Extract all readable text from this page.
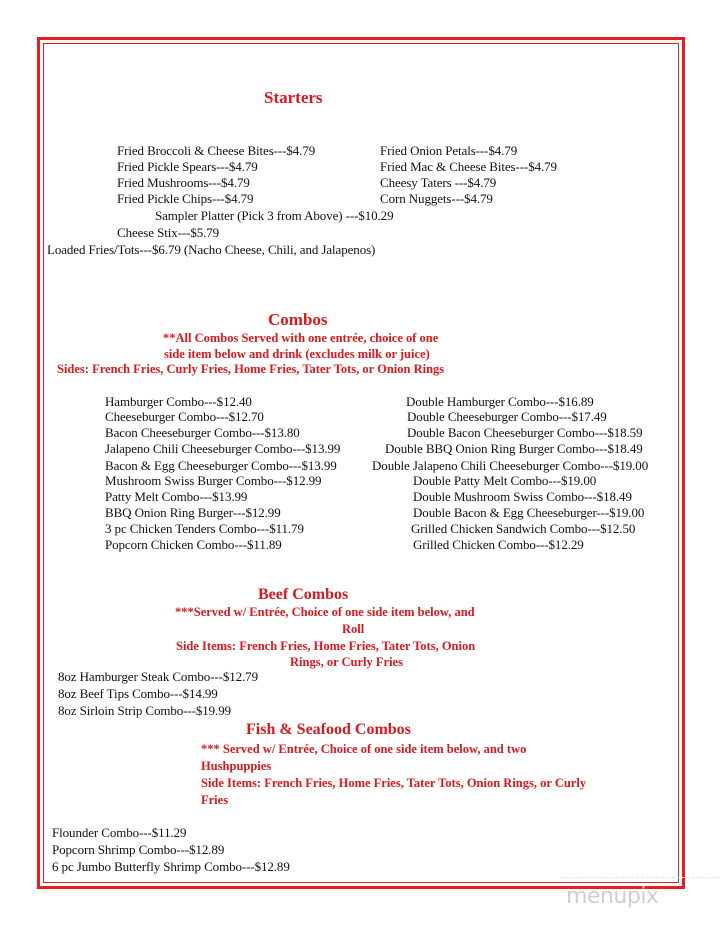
Starters
Fried Broccoli & Cheese Bites---$4.79
Fried Pickle Spears---$4.79
Fried Mushrooms---$4.79
Fried Pickle Chips---$4.79
Fried Onion Petals---$4.79
Fried Mac & Cheese Bites---$4.79
Cheesy Taters ---$4.79
Corn Nuggets---$4.79
Sampler Platter (Pick 3 from Above) ---$10.29
Cheese Stix---$5.79
Loaded Fries/Tots---$6.79 (Nacho Cheese, Chili, and Jalapenos)
Combos
**All Combos Served with one entrée, choice of one
side item below and drink (excludes milk or juice)
Sides: French Fries, Curly Fries, Home Fries, Tater Tots, or Onion Rings
Hamburger Combo---$12.40
Cheeseburger Combo---$12.70
Bacon Cheeseburger Combo---$13.80
Jalapeno Chili Cheeseburger Combo---$13.99
Bacon & Egg Cheeseburger Combo---$13.99
Mushroom Swiss Burger Combo---$12.99
Patty Melt Combo---$13.99
BBQ Onion Ring Burger---$12.99
3 pc Chicken Tenders Combo---$11.79
Popcorn Chicken Combo---$11.89
Double Hamburger Combo---$16.89
Double Cheeseburger Combo---$17.49
Double Bacon Cheeseburger Combo---$18.59
Double BBQ Onion Ring Burger Combo---$18.49
Double Jalapeno Chili Cheeseburger Combo---$19.00
Double Patty Melt Combo---$19.00
Double Mushroom Swiss Combo---$18.49
Double Bacon & Egg Cheeseburger---$19.00
Grilled Chicken Sandwich Combo---$12.50
Grilled Chicken Combo---$12.29
Beef Combos
***Served w/ Entrée, Choice of one side item below, and
Roll
Side Items: French Fries, Home Fries, Tater Tots, Onion
Rings, or Curly Fries
8oz Hamburger Steak Combo---$12.79
8oz Beef Tips Combo---$14.99
8oz Sirloin Strip Combo---$19.99
Fish & Seafood Combos
*** Served w/ Entrée, Choice of one side item below, and two
Hushpuppies
Side Items: French Fries, Home Fries, Tater Tots, Onion Rings, or Curly
Fries
Flounder Combo---$11.29
Popcorn Shrimp Combo---$12.89
6 pc Jumbo Butterfly Shrimp Combo---$12.89
menupix
